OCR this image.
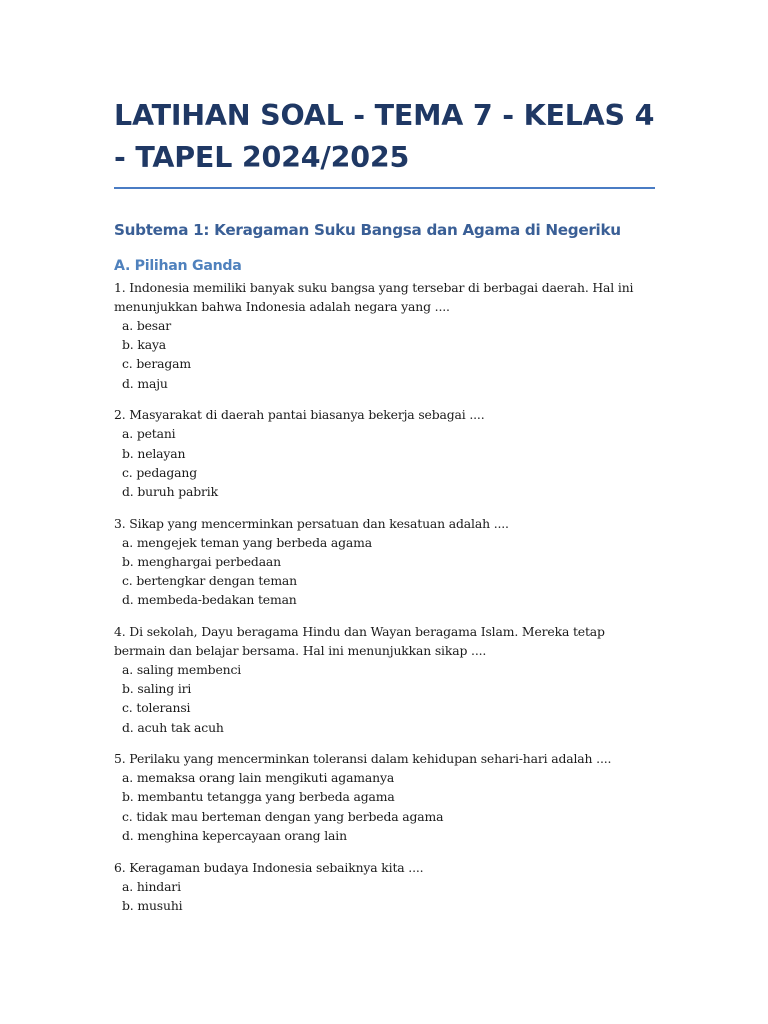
LATIHAN SOAL - TEMA 7 - KELAS 4 - TAPEL 2024/2025
Subtema 1: Keragaman Suku Bangsa dan Agama di Negeriku
A. Pilihan Ganda
1. Indonesia memiliki banyak suku bangsa yang tersebar di berbagai daerah. Hal ini menunjukkan bahwa Indonesia adalah negara yang ....
a. besar
b. kaya
c. beragam
d. maju
2. Masyarakat di daerah pantai biasanya bekerja sebagai ....
a. petani
b. nelayan
c. pedagang
d. buruh pabrik
3. Sikap yang mencerminkan persatuan dan kesatuan adalah ....
a. mengejek teman yang berbeda agama
b. menghargai perbedaan
c. bertengkar dengan teman
d. membeda-bedakan teman
4. Di sekolah, Dayu beragama Hindu dan Wayan beragama Islam. Mereka tetap bermain dan belajar bersama. Hal ini menunjukkan sikap ....
a. saling membenci
b. saling iri
c. toleransi
d. acuh tak acuh
5. Perilaku yang mencerminkan toleransi dalam kehidupan sehari-hari adalah ....
a. memaksa orang lain mengikuti agamanya
b. membantu tetangga yang berbeda agama
c. tidak mau berteman dengan yang berbeda agama
d. menghina kepercayaan orang lain
6. Keragaman budaya Indonesia sebaiknya kita ....
a. hindari
b. musuhi
